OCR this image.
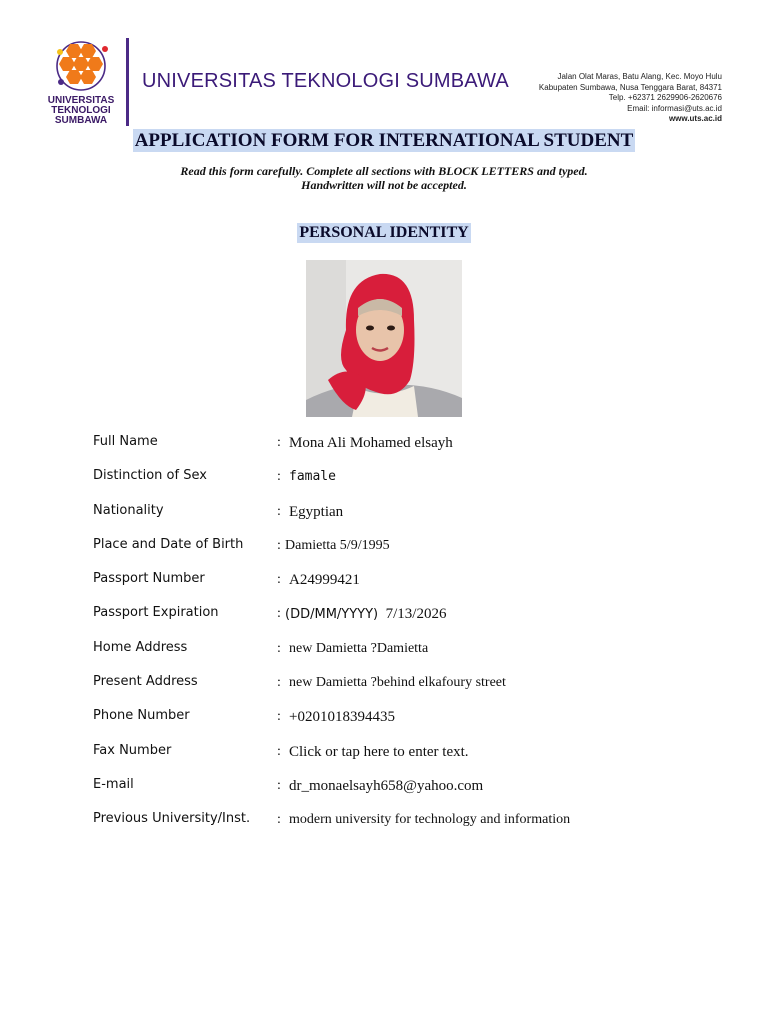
UNIVERSITAS
TEKNOLOGI
SUMBAWA
UNIVERSITAS TEKNOLOGI SUMBAWA	Jalan Olat Maras, Batu Alang, Kec. Moyo Hulu
Kabupaten Sumbawa, Nusa Tenggara Barat, 84371
Telp. +62371 2629906-2620676
Email: informasi@uts.ac.id
www.uts.ac.id
APPLICATION FORM FOR INTERNATIONAL STUDENT
Read this form carefully. Complete all sections with BLOCK LETTERS and typed.
Handwritten will not be accepted.
PERSONAL IDENTITY
Full Name	: Mona Ali Mohamed elsayh
Distinction of Sex	: famale
Nationality	: Egyptian
Place and Date of Birth : Damietta 5/9/1995
Passport Number	: A24999421
Passport Expiration	: (DD/MM/YYYY) 7/13/2026
Home Address	: new Damietta ?Damietta
Present Address	: new Damietta ?behind elkafoury street
Phone Number	: +0201018394435
Fax Number	: Click or tap here to enter text.
E-mail	: dr_monaelsayh658@yahoo.com
Previous University/Inst. : modern university for technology and information
